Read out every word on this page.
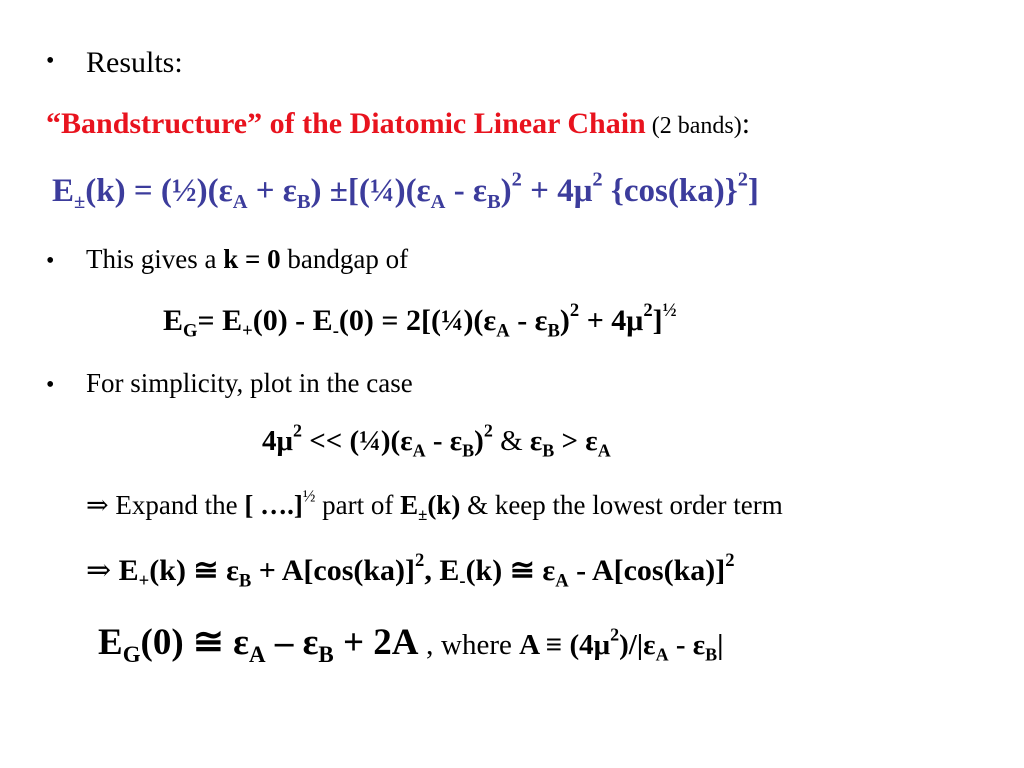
• Results:
“Bandstructure” of the Diatomic Linear Chain (2 bands):
$E_\pm(k)$ = $(\frac{1}{2})(\varepsilon_A + \varepsilon_B)$ $\pm[(\frac{1}{4})(\varepsilon_A - \varepsilon_B)^2 + 4\mu^2$ $\{\cos(ka)\}^2$]
• This gives a k = 0 bandgap of
$E_G= E_+(0) - E_-(0)$ = $2[(\frac{1}{4})(\varepsilon_A - \varepsilon_B)^2 + 4\mu^2]^{\frac{1}{2}}$
• For simplicity, plot in the case
$4\mu^2$ << $(\frac{1}{4})(\varepsilon_A - \varepsilon_B)^2$ & $\varepsilon_B > \varepsilon_A$
⇒ Expand the [ ….]$^{\frac{1}{2}}$ part of $E_\pm(k)$ & keep the lowest order term
⇒ $E_+(k)$ ≅ $\varepsilon_B + A[\cos(ka)]^2$, $E_-(k)$ ≅ $\varepsilon_A - A[\cos(ka)]^2$
$E_G(0)$ ≅ $\varepsilon_A - \varepsilon_B + 2A$ , where $A \equiv (4\mu^2)/|\varepsilon_A - \varepsilon_B|$
